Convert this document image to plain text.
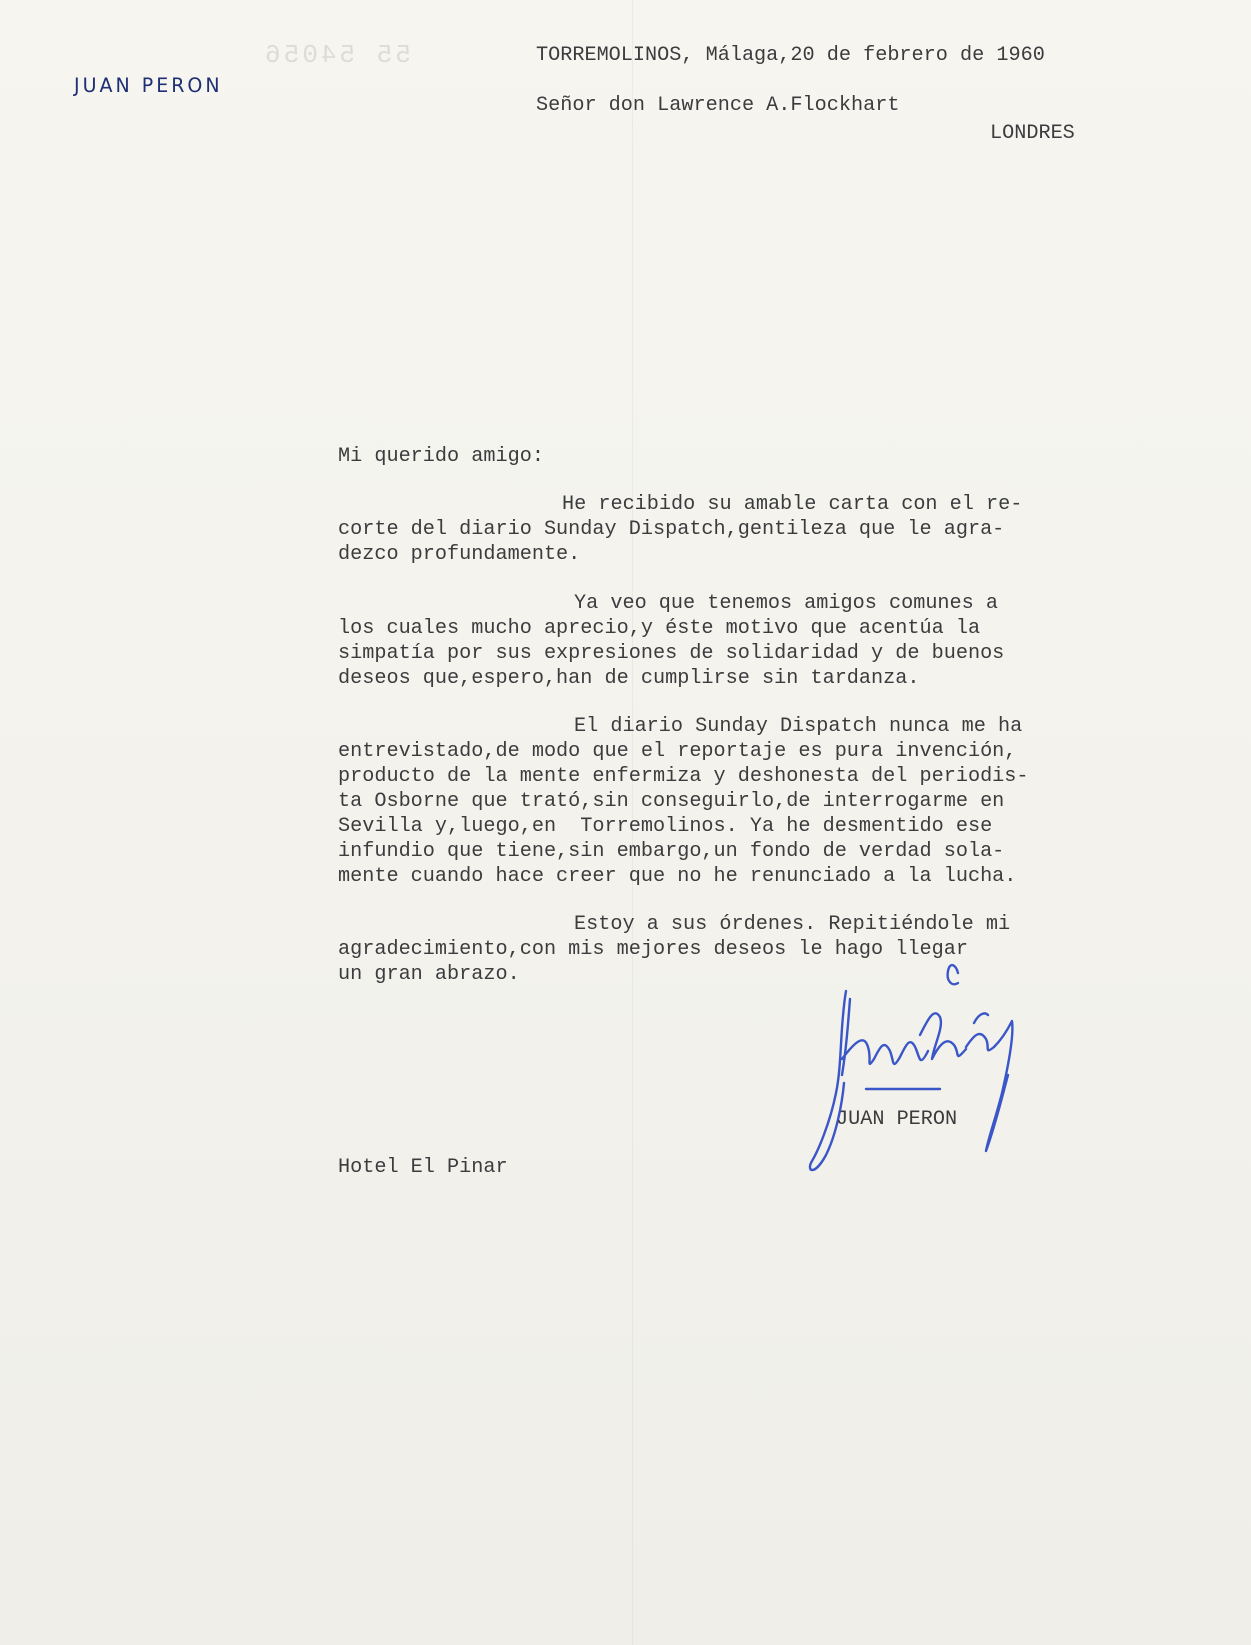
55 54056
JUAN PERON

TORREMOLINOS, Málaga,20 de febrero de 1960

Señor don Lawrence A.Flockhart

LONDRES

Mi querido amigo:

He recibido su amable carta con el re-

corte del diario Sunday Dispatch,gentileza que le agra-

dezco profundamente.

Ya veo que tenemos amigos comunes a

los cuales mucho aprecio,y éste motivo que acentúa la

simpatía por sus expresiones de solidaridad y de buenos

deseos que,espero,han de cumplirse sin tardanza.

El diario Sunday Dispatch nunca me ha

entrevistado,de modo que el reportaje es pura invención,

producto de la mente enfermiza y deshonesta del periodis-

ta Osborne que trató,sin conseguirlo,de interrogarme en

Sevilla y,luego,en  Torremolinos. Ya he desmentido ese

infundio que tiene,sin embargo,un fondo de verdad sola-

mente cuando hace creer que no he renunciado a la lucha.

Estoy a sus órdenes. Repitiéndole mi

agradecimiento,con mis mejores deseos le hago llegar

un gran abrazo.

JUAN PERON

Hotel El Pinar
